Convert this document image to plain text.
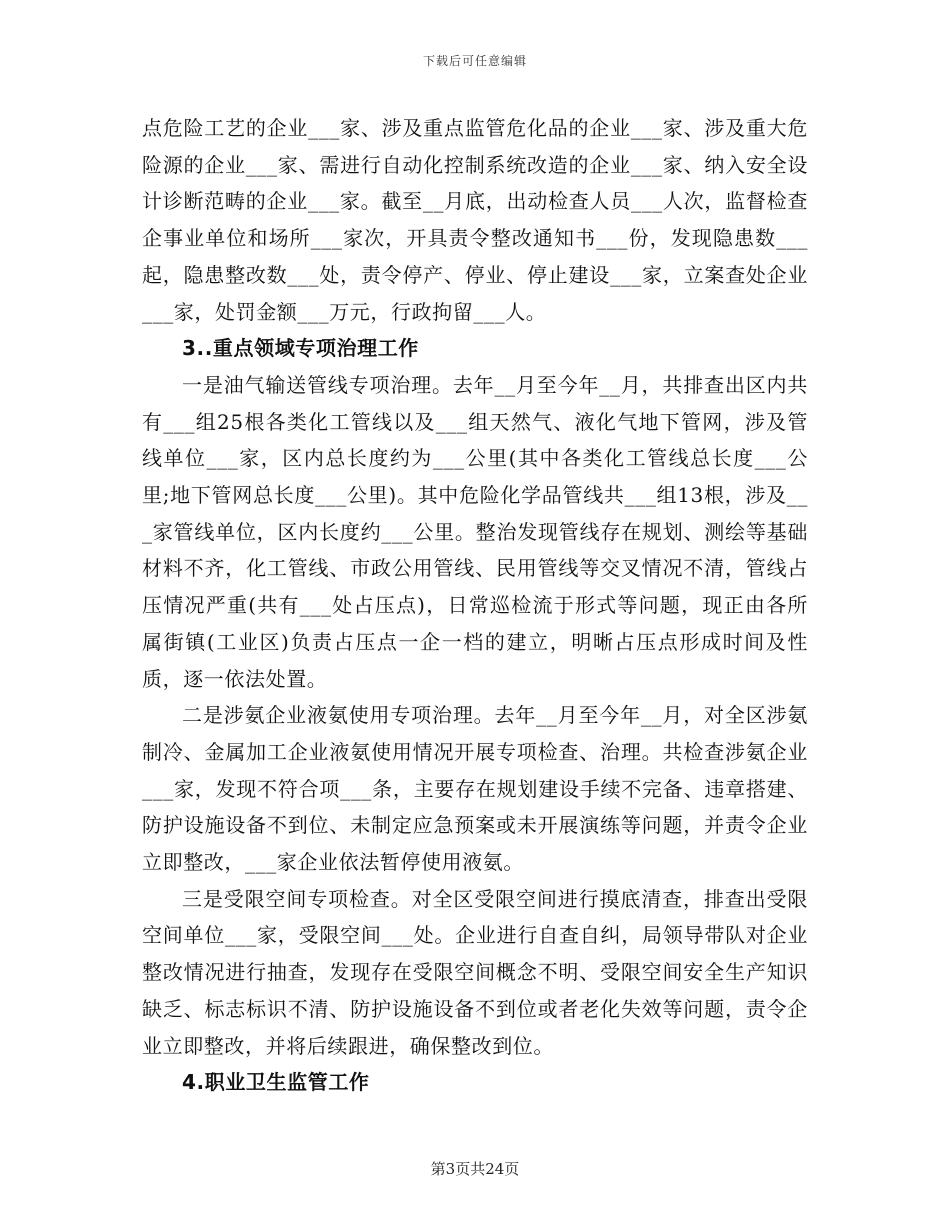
下载后可任意编辑

点危险工艺的企业___家、涉及重点监管危化品的企业___家、涉及重大危险源的企业___家、需进行自动化控制系统改造的企业___家、纳入安全设计诊断范畴的企业___家。截至__月底，出动检查人员___人次，监督检查企事业单位和场所___家次，开具责令整改通知书___份，发现隐患数___起，隐患整改数___处，责令停产、停业、停止建设___家，立案查处企业___家，处罚金额___万元，行政拘留___人。

3..重点领域专项治理工作

一是油气输送管线专项治理。去年__月至今年__月，共排查出区内共有___组25根各类化工管线以及___组天然气、液化气地下管网，涉及管线单位___家，区内总长度约为___公里(其中各类化工管线总长度___公里;地下管网总长度___公里)。其中危险化学品管线共___组13根，涉及___家管线单位，区内长度约___公里。整治发现管线存在规划、测绘等基础材料不齐，化工管线、市政公用管线、民用管线等交叉情况不清，管线占压情况严重(共有___处占压点)，日常巡检流于形式等问题，现正由各所属街镇(工业区)负责占压点一企一档的建立，明晰占压点形成时间及性质，逐一依法处置。

二是涉氨企业液氨使用专项治理。去年__月至今年__月，对全区涉氨制冷、金属加工企业液氨使用情况开展专项检查、治理。共检查涉氨企业___家，发现不符合项___条，主要存在规划建设手续不完备、违章搭建、防护设施设备不到位、未制定应急预案或未开展演练等问题，并责令企业立即整改，___家企业依法暂停使用液氨。

三是受限空间专项检查。对全区受限空间进行摸底清查，排查出受限空间单位___家，受限空间___处。企业进行自查自纠，局领导带队对企业整改情况进行抽查，发现存在受限空间概念不明、受限空间安全生产知识缺乏、标志标识不清、防护设施设备不到位或者老化失效等问题，责令企业立即整改，并将后续跟进，确保整改到位。

4.职业卫生监管工作

第3页共24页
